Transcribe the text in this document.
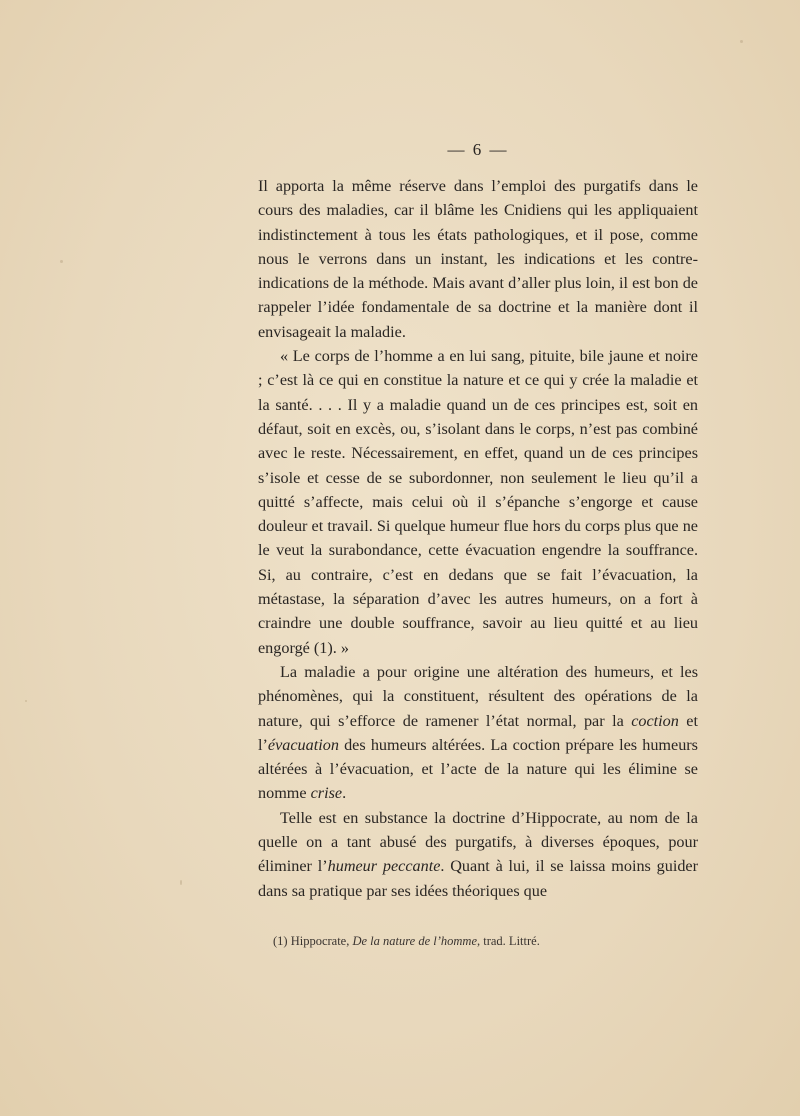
— 6 —

Il apporta la même réserve dans l’emploi des purgatifs dans le cours des maladies, car il blâme les Cnidiens qui les appliquaient indistinctement à tous les états pathologiques, et il pose, comme nous le verrons dans un instant, les indications et les contre-indications de la méthode. Mais avant d’aller plus loin, il est bon de rappeler l’idée fondamentale de sa doctrine et la manière dont il envisageait la maladie.

« Le corps de l’homme a en lui sang, pituite, bile jaune et noire ; c’est là ce qui en constitue la nature et ce qui y crée la maladie et la santé. . . . Il y a maladie quand un de ces principes est, soit en défaut, soit en excès, ou, s’isolant dans le corps, n’est pas combiné avec le reste. Nécessairement, en effet, quand un de ces principes s’isole et cesse de se subordonner, non seulement le lieu qu’il a quitté s’affecte, mais celui où il s’épanche s’engorge et cause douleur et travail. Si quelque humeur flue hors du corps plus que ne le veut la surabondance, cette évacuation engendre la souffrance. Si, au contraire, c’est en dedans que se fait l’évacuation, la métastase, la séparation d’avec les autres humeurs, on a fort à craindre une double souffrance, savoir au lieu quitté et au lieu engorgé (1). »

La maladie a pour origine une altération des humeurs, et les phénomènes, qui la constituent, résultent des opérations de la nature, qui s’efforce de ramener l’état normal, par la coction et l’évacuation des humeurs altérées. La coction prépare les humeurs altérées à l’évacuation, et l’acte de la nature qui les élimine se nomme crise.

Telle est en substance la doctrine d’Hippocrate, au nom de la quelle on a tant abusé des purgatifs, à diverses époques, pour éliminer l’humeur peccante. Quant à lui, il se laissa moins guider dans sa pratique par ses idées théoriques que

(1) Hippocrate, De la nature de l’homme, trad. Littré.
